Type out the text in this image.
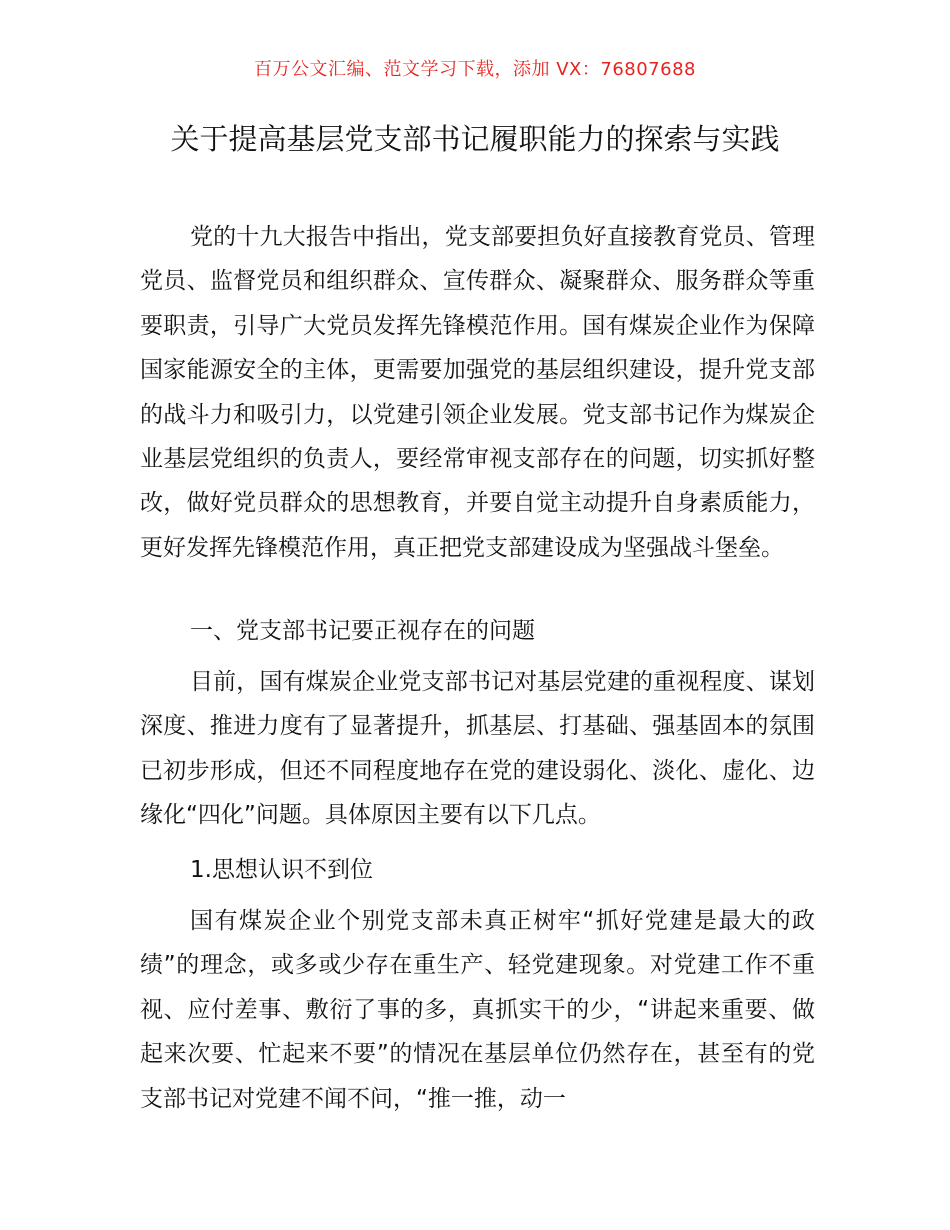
百万公文汇编、范文学习下载，添加 VX：76807688
关于提高基层党支部书记履职能力的探索与实践

党的十九大报告中指出，党支部要担负好直接教育党员、管理党员、监督党员和组织群众、宣传群众、凝聚群众、服务群众等重要职责，引导广大党员发挥先锋模范作用。国有煤炭企业作为保障国家能源安全的主体，更需要加强党的基层组织建设，提升党支部的战斗力和吸引力，以党建引领企业发展。党支部书记作为煤炭企业基层党组织的负责人，要经常审视支部存在的问题，切实抓好整改，做好党员群众的思想教育，并要自觉主动提升自身素质能力，更好发挥先锋模范作用，真正把党支部建设成为坚强战斗堡垒。

一、党支部书记要正视存在的问题

目前，国有煤炭企业党支部书记对基层党建的重视程度、谋划深度、推进力度有了显著提升，抓基层、打基础、强基固本的氛围已初步形成，但还不同程度地存在党的建设弱化、淡化、虚化、边缘化“四化”问题。具体原因主要有以下几点。

1.思想认识不到位

国有煤炭企业个别党支部未真正树牢“抓好党建是最大的政绩”的理念，或多或少存在重生产、轻党建现象。对党建工作不重视、应付差事、敷衍了事的多，真抓实干的少，“讲起来重要、做起来次要、忙起来不要”的情况在基层单位仍然存在，甚至有的党支部书记对党建不闻不问，“推一推，动一
